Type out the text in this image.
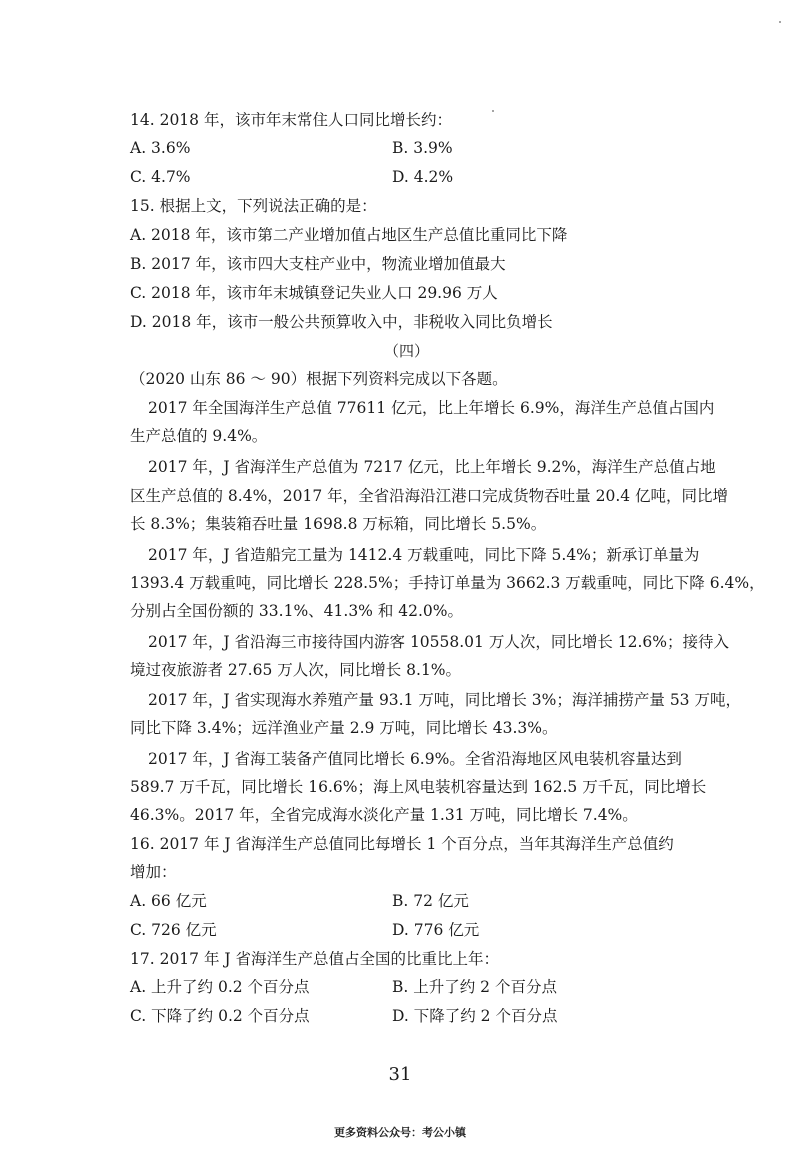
14. 2018 年，该市年末常住人口同比增长约：
A. 3.6%	B. 3.9%
C. 4.7%	D. 4.2%
15. 根据上文，下列说法正确的是：
A. 2018 年，该市第二产业增加值占地区生产总值比重同比下降
B. 2017 年，该市四大支柱产业中，物流业增加值最大
C. 2018 年，该市年末城镇登记失业人口 29.96 万人
D. 2018 年，该市一般公共预算收入中，非税收入同比负增长
（四）
（2020 山东 86 ～ 90）根据下列资料完成以下各题。
2017 年全国海洋生产总值 77611 亿元，比上年增长 6.9%，海洋生产总值占国内
生产总值的 9.4%。
2017 年，J 省海洋生产总值为 7217 亿元，比上年增长 9.2%，海洋生产总值占地
区生产总值的 8.4%，2017 年，全省沿海沿江港口完成货物吞吐量 20.4 亿吨，同比增
长 8.3%；集装箱吞吐量 1698.8 万标箱，同比增长 5.5%。
2017 年，J 省造船完工量为 1412.4 万载重吨，同比下降 5.4%；新承订单量为
1393.4 万载重吨，同比增长 228.5%；手持订单量为 3662.3 万载重吨，同比下降 6.4%，
分别占全国份额的 33.1%、41.3% 和 42.0%。
2017 年，J 省沿海三市接待国内游客 10558.01 万人次，同比增长 12.6%；接待入
境过夜旅游者 27.65 万人次，同比增长 8.1%。
2017 年，J 省实现海水养殖产量 93.1 万吨，同比增长 3%；海洋捕捞产量 53 万吨，
同比下降 3.4%；远洋渔业产量 2.9 万吨，同比增长 43.3%。
2017 年，J 省海工装备产值同比增长 6.9%。全省沿海地区风电装机容量达到
589.7 万千瓦，同比增长 16.6%；海上风电装机容量达到 162.5 万千瓦，同比增长
46.3%。2017 年，全省完成海水淡化产量 1.31 万吨，同比增长 7.4%。
16. 2017 年 J 省海洋生产总值同比每增长 1 个百分点，当年其海洋生产总值约
增加：
A. 66 亿元	B. 72 亿元
C. 726 亿元	D. 776 亿元
17. 2017 年 J 省海洋生产总值占全国的比重比上年：
A. 上升了约 0.2 个百分点	B. 上升了约 2 个百分点
C. 下降了约 0.2 个百分点	D. 下降了约 2 个百分点
31
更多资料公众号：考公小镇
